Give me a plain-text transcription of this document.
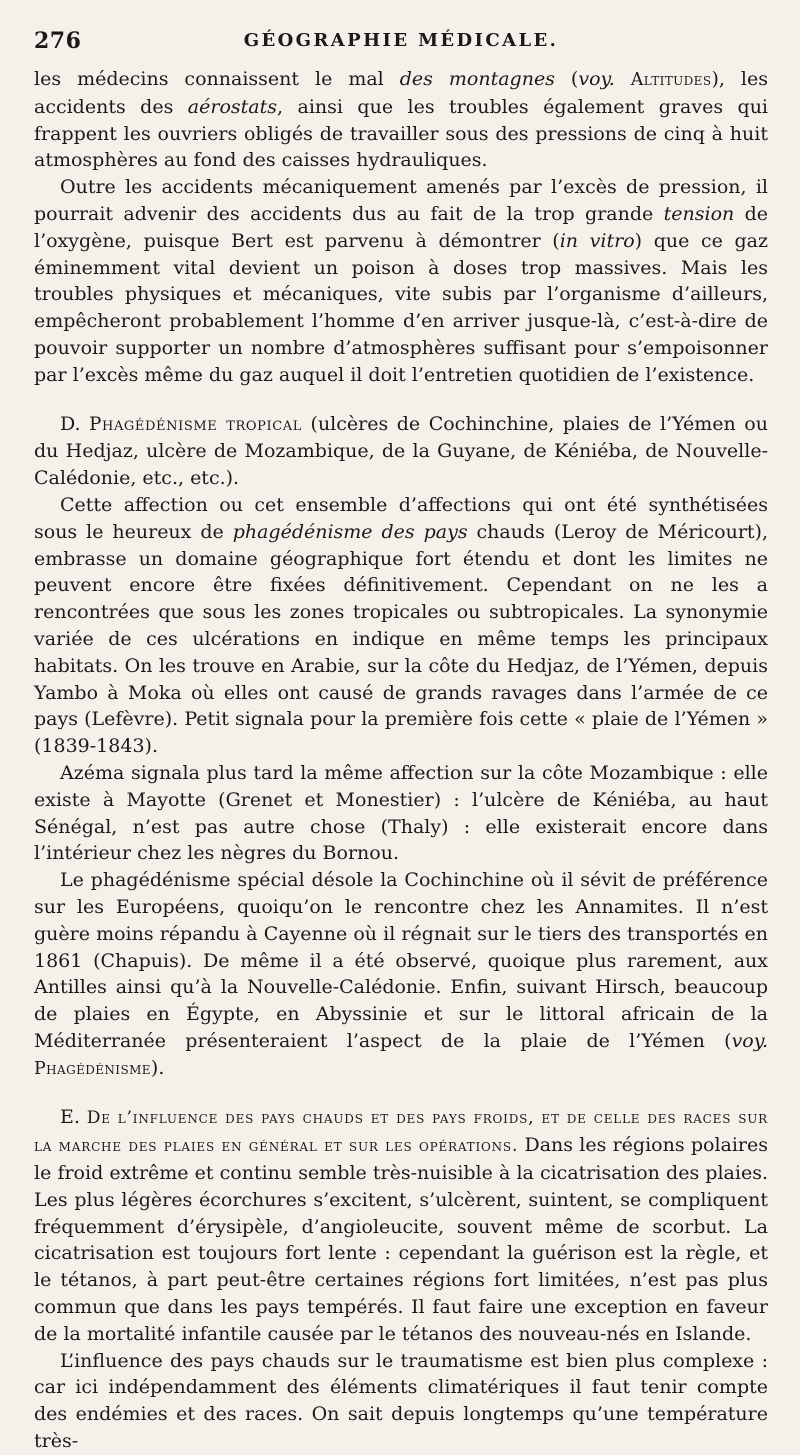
276	GÉOGRAPHIE MÉDICALE.

les médecins connaissent le mal des montagnes (voy. Altitudes), les accidents des aérostats, ainsi que les troubles également graves qui frappent les ouvriers obligés de travailler sous des pressions de cinq à huit atmosphères au fond des caisses hydrauliques.

Outre les accidents mécaniquement amenés par l’excès de pression, il pourrait advenir des accidents dus au fait de la trop grande tension de l’oxygène, puisque Bert est parvenu à démontrer (in vitro) que ce gaz éminemment vital devient un poison à doses trop massives. Mais les troubles physiques et mécaniques, vite subis par l’organisme d’ailleurs, empêcheront probablement l’homme d’en arriver jusque-là, c’est-à-dire de pouvoir supporter un nombre d’atmosphères suffisant pour s’empoisonner par l’excès même du gaz auquel il doit l’entretien quotidien de l’existence.

D. Phagédénisme tropical (ulcères de Cochinchine, plaies de l’Yémen ou du Hedjaz, ulcère de Mozambique, de la Guyane, de Kéniéba, de Nouvelle-Calédonie, etc., etc.).

Cette affection ou cet ensemble d’affections qui ont été synthétisées sous le heureux de phagédénisme des pays chauds (Leroy de Méricourt), embrasse un domaine géographique fort étendu et dont les limites ne peuvent encore être fixées définitivement. Cependant on ne les a rencontrées que sous les zones tropicales ou subtropicales. La synonymie variée de ces ulcérations en indique en même temps les principaux habitats. On les trouve en Arabie, sur la côte du Hedjaz, de l’Yémen, depuis Yambo à Moka où elles ont causé de grands ravages dans l’armée de ce pays (Lefèvre). Petit signala pour la première fois cette « plaie de l’Yémen » (1839-1843).

Azéma signala plus tard la même affection sur la côte Mozambique : elle existe à Mayotte (Grenet et Monestier) : l’ulcère de Kéniéba, au haut Sénégal, n’est pas autre chose (Thaly) : elle existerait encore dans l’intérieur chez les nègres du Bornou.

Le phagédénisme spécial désole la Cochinchine où il sévit de préférence sur les Européens, quoiqu’on le rencontre chez les Annamites. Il n’est guère moins répandu à Cayenne où il régnait sur le tiers des transportés en 1861 (Chapuis). De même il a été observé, quoique plus rarement, aux Antilles ainsi qu’à la Nouvelle-Calédonie. Enfin, suivant Hirsch, beaucoup de plaies en Égypte, en Abyssinie et sur le littoral africain de la Méditerranée présenteraient l’aspect de la plaie de l’Yémen (voy. Phagédénisme).

E. De l’influence des pays chauds et des pays froids, et de celle des races sur la marche des plaies en général et sur les opérations. Dans les régions polaires le froid extrême et continu semble très-nuisible à la cicatrisation des plaies. Les plus légères écorchures s’excitent, s’ulcèrent, suintent, se compliquent fréquemment d’érysipèle, d’angioleucite, souvent même de scorbut. La cicatrisation est toujours fort lente : cependant la guérison est la règle, et le tétanos, à part peut-être certaines régions fort limitées, n’est pas plus commun que dans les pays tempérés. Il faut faire une exception en faveur de la mortalité infantile causée par le tétanos des nouveau-nés en Islande.

L’influence des pays chauds sur le traumatisme est bien plus complexe : car ici indépendamment des éléments climatériques il faut tenir compte des endémies et des races. On sait depuis longtemps qu’une température très-
